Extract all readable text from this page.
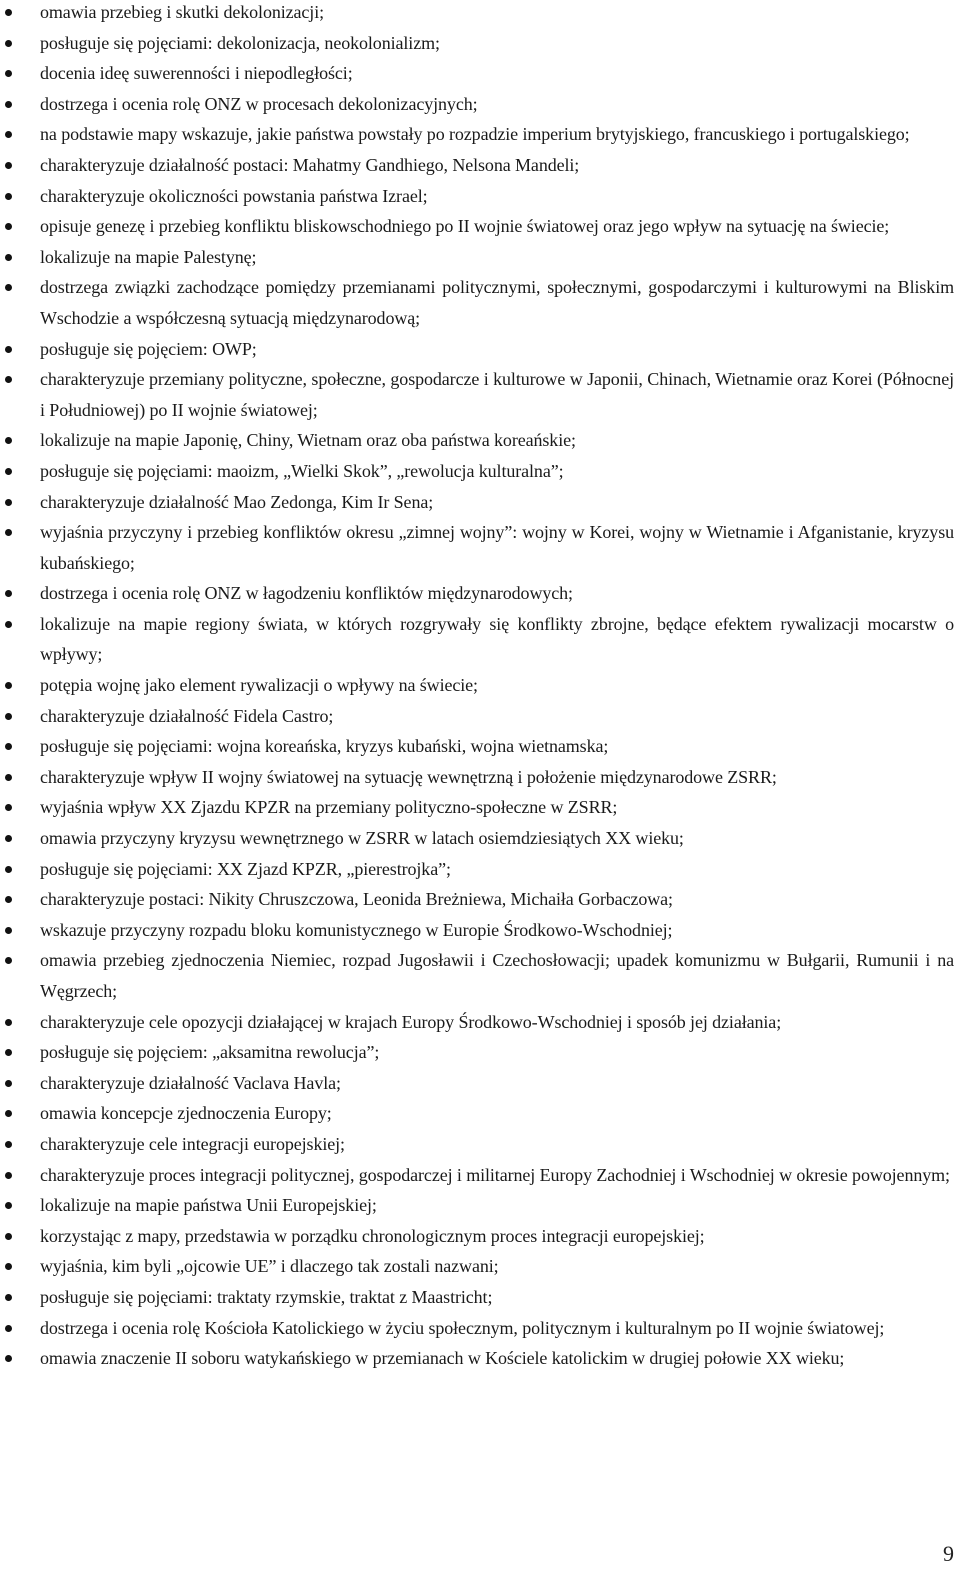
omawia przebieg i skutki dekolonizacji;
posługuje się pojęciami: dekolonizacja, neokolonializm;
docenia ideę suwerenności i niepodległości;
dostrzega i ocenia rolę ONZ w procesach dekolonizacyjnych;
na podstawie mapy wskazuje, jakie państwa powstały po rozpadzie imperium brytyjskiego, francuskiego i portugalskiego;
charakteryzuje działalność postaci: Mahatmy Gandhiego, Nelsona Mandeli;
charakteryzuje okoliczności powstania państwa Izrael;
opisuje genezę i przebieg konfliktu bliskowschodniego po II wojnie światowej oraz jego wpływ na sytuację na świecie;
lokalizuje na mapie Palestynę;
dostrzega związki zachodzące pomiędzy przemianami politycznymi, społecznymi, gospodarczymi i kulturowymi na Bliskim Wschodzie a współczesną sytuacją międzynarodową;
posługuje się pojęciem: OWP;
charakteryzuje przemiany polityczne, społeczne, gospodarcze i kulturowe w Japonii, Chinach, Wietnamie oraz Korei (Północnej i Południowej) po II wojnie światowej;
lokalizuje na mapie Japonię, Chiny, Wietnam oraz oba państwa koreańskie;
posługuje się pojęciami: maoizm, „Wielki Skok”, „rewolucja kulturalna”;
charakteryzuje działalność Mao Zedonga, Kim Ir Sena;
wyjaśnia przyczyny i przebieg konfliktów okresu „zimnej wojny”: wojny w Korei, wojny w Wietnamie i Afganistanie, kryzysu kubańskiego;
dostrzega i ocenia rolę ONZ w łagodzeniu konfliktów międzynarodowych;
lokalizuje na mapie regiony świata, w których rozgrywały się konflikty zbrojne, będące efektem rywalizacji mocarstw o wpływy;
potępia wojnę jako element rywalizacji o wpływy na świecie;
charakteryzuje działalność Fidela Castro;
posługuje się pojęciami: wojna koreańska, kryzys kubański, wojna wietnamska;
charakteryzuje wpływ II wojny światowej na sytuację wewnętrzną i położenie międzynarodowe ZSRR;
wyjaśnia wpływ XX Zjazdu KPZR na przemiany polityczno-społeczne w ZSRR;
omawia przyczyny kryzysu wewnętrznego w ZSRR w latach osiemdziesiątych XX wieku;
posługuje się pojęciami: XX Zjazd KPZR, „pierestrojka”;
charakteryzuje postaci: Nikity Chruszczowa, Leonida Breżniewa, Michaiła Gorbaczowa;
wskazuje przyczyny rozpadu bloku komunistycznego w Europie Środkowo-Wschodniej;
omawia przebieg zjednoczenia Niemiec, rozpad Jugosławii i Czechosłowacji; upadek komunizmu w Bułgarii, Rumunii i na Węgrzech;
charakteryzuje cele opozycji działającej w krajach Europy Środkowo-Wschodniej i sposób jej działania;
posługuje się pojęciem: „aksamitna rewolucja”;
charakteryzuje działalność Vaclava Havla;
omawia koncepcje zjednoczenia Europy;
charakteryzuje cele integracji europejskiej;
charakteryzuje proces integracji politycznej, gospodarczej i militarnej Europy Zachodniej i Wschodniej w okresie powojennym;
lokalizuje na mapie państwa Unii Europejskiej;
korzystając z mapy, przedstawia w porządku chronologicznym proces integracji europejskiej;
wyjaśnia, kim byli „ojcowie UE” i dlaczego tak zostali nazwani;
posługuje się pojęciami: traktaty rzymskie, traktat z Maastricht;
dostrzega i ocenia rolę Kościoła Katolickiego w życiu społecznym, politycznym i kulturalnym po II wojnie światowej;
omawia znaczenie II soboru watykańskiego w przemianach w Kościele katolickim w drugiej połowie XX wieku;
9
